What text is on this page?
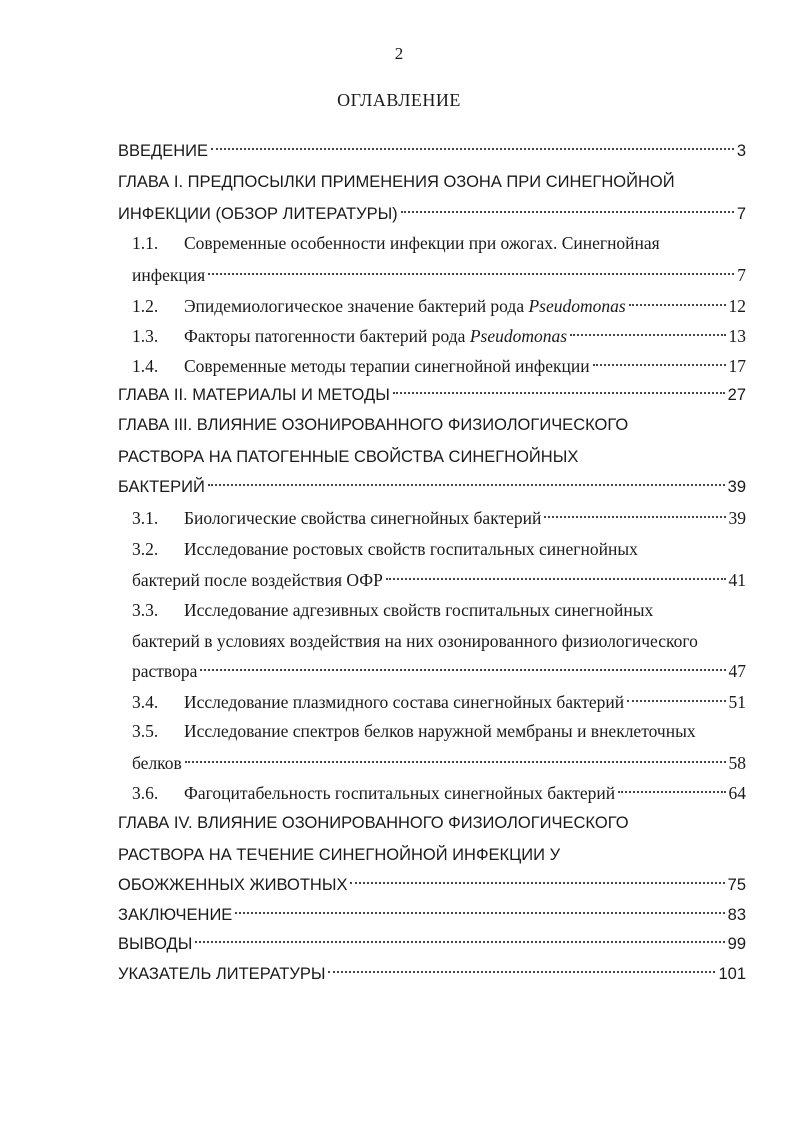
2
ОГЛАВЛЕНИЕ
ВВЕДЕНИЕ	3
ГЛАВА I. ПРЕДПОСЫЛКИ ПРИМЕНЕНИЯ ОЗОНА ПРИ СИНЕГНОЙНОЙ
ИНФЕКЦИИ (ОБЗОР ЛИТЕРАТУРЫ)	7
1.1.	Современные особенности инфекции при ожогах. Синегнойная
инфекция	7
1.2.	Эпидемиологическое значение бактерий рода Pseudomonas	12
1.3.	Факторы патогенности бактерий рода Pseudomonas	13
1.4.	Современные методы терапии синегнойной инфекции	17
ГЛАВА II. МАТЕРИАЛЫ И МЕТОДЫ	27
ГЛАВА III. ВЛИЯНИЕ ОЗОНИРОВАННОГО ФИЗИОЛОГИЧЕСКОГО
РАСТВОРА НА ПАТОГЕННЫЕ СВОЙСТВА СИНЕГНОЙНЫХ
БАКТЕРИЙ	39
3.1.	Биологические свойства синегнойных бактерий	39
3.2.	Исследование ростовых свойств госпитальных синегнойных
бактерий после воздействия ОФР	41
3.3.	Исследование адгезивных свойств госпитальных синегнойных
бактерий в условиях воздействия на них озонированного физиологического
раствора	47
3.4.	Исследование плазмидного состава синегнойных бактерий	51
3.5.	Исследование спектров белков наружной мембраны и внеклеточных
белков	58
3.6.	Фагоцитабельность госпитальных синегнойных бактерий	64
ГЛАВА IV. ВЛИЯНИЕ ОЗОНИРОВАННОГО ФИЗИОЛОГИЧЕСКОГО
РАСТВОРА НА ТЕЧЕНИЕ СИНЕГНОЙНОЙ ИНФЕКЦИИ У
ОБОЖЖЕННЫХ ЖИВОТНЫХ	75
ЗАКЛЮЧЕНИЕ	83
ВЫВОДЫ	99
УКАЗАТЕЛЬ ЛИТЕРАТУРЫ	101
